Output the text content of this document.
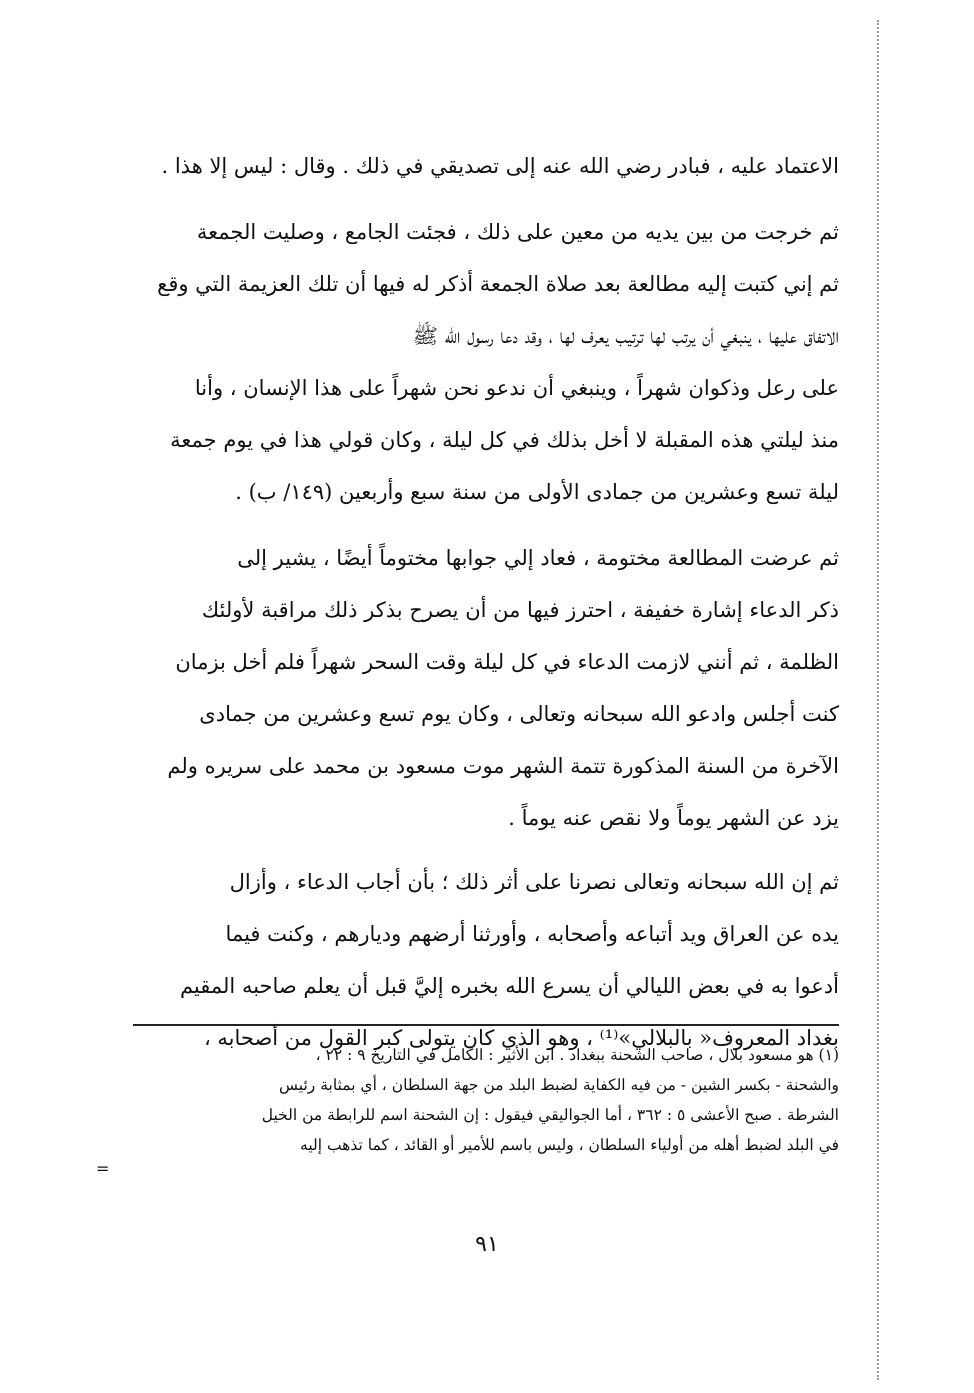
الاعتماد عليه ، فبادر رضي الله عنه إلى تصديقي في ذلك . وقال : ليس إلا هذا .
ثم خرجت من بين يديه من معين على ذلك ، فجئت الجامع ، وصليت الجمعة
ثم إني كتبت إليه مطالعة بعد صلاة الجمعة أذكر له فيها أن تلك العزيمة التي وقع
الاتفاق عليها ، ينبغي أن يرتب لها ترتيب يعرف لها ، وقد دعا رسول الله ﷺ
على رعل وذكوان شهراً ، وينبغي أن ندعو نحن شهراً على هذا الإنسان ، وأنا
منذ ليلتي هذه المقبلة لا أخل بذلك في كل ليلة ، وكان قولي هذا في يوم جمعة
ليلة تسع وعشرين من جمادى الأولى من سنة سبع وأربعين (١٤٩/ ب) .
ثم عرضت المطالعة مختومة ، فعاد إلي جوابها مختوماً أيضًا ، يشير إلى
ذكر الدعاء إشارة خفيفة ، احترز فيها من أن يصرح بذكر ذلك مراقبة لأولئك
الظلمة ، ثم أنني لازمت الدعاء في كل ليلة وقت السحر شهراً فلم أخل بزمان
كنت أجلس وادعو الله سبحانه وتعالى ، وكان يوم تسع وعشرين من جمادى
الآخرة من السنة المذكورة تتمة الشهر موت مسعود بن محمد على سريره ولم
يزد عن الشهر يوماً ولا نقص عنه يوماً .
ثم إن الله سبحانه وتعالى نصرنا على أثر ذلك ؛ بأن أجاب الدعاء ، وأزال
يده عن العراق ويد أتباعه وأصحابه ، وأورثنا أرضهم وديارهم ، وكنت فيما
أدعوا به في بعض الليالي أن يسرع الله بخبره إليَّ قبل أن يعلم صاحبه المقيم
بغداد المعروف« بالبلالي»⁽¹⁾ ، وهو الذي كان يتولى كبر القول من أصحابه ،
(١) هو مسعود بلال ، صاحب الشحنة ببغداد . ابن الأثير : الكامل في التاريخ ٩ : ٢٢ ،
والشحنة - بكسر الشين - من فيه الكفاية لضبط البلد من جهة السلطان ، أي بمثابة رئيس
الشرطة . صبح الأعشى ٥ : ٣٦٢ ، أما الجواليقي فيقول : إن الشحنة اسم للرابطة من الخيل
في البلد لضبط أهله من أولياء السلطان ، وليس باسم للأمير أو القائد ، كما تذهب إليه
=
٩١
